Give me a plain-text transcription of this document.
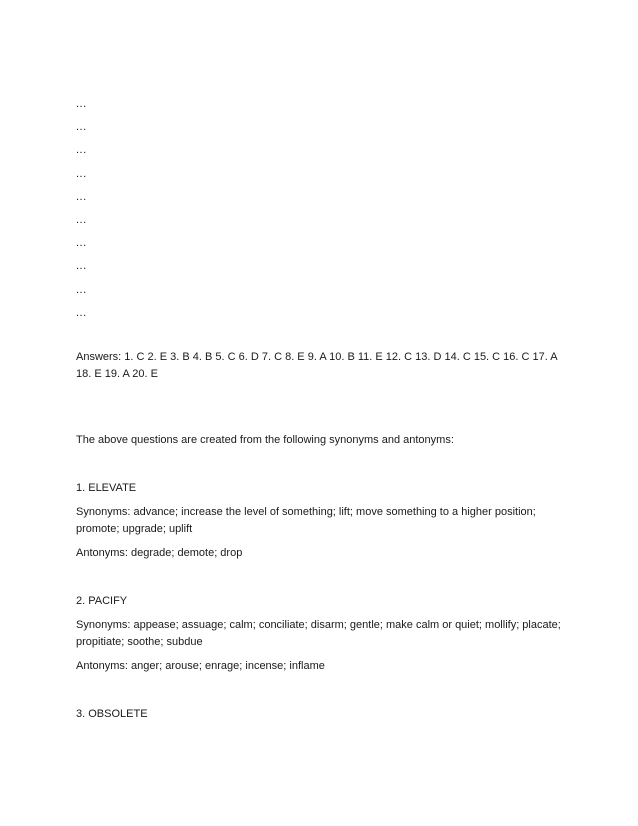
...
...
...
...
...
...
...
...
...
...
Answers: 1. C 2. E 3. B 4. B 5. C 6. D 7. C 8. E 9. A 10. B 11. E 12. C 13. D 14. C 15. C 16. C 17. A 18. E 19. A 20. E
The above questions are created from the following synonyms and antonyms:
1. ELEVATE
Synonyms: advance; increase the level of something; lift; move something to a higher position; promote; upgrade; uplift
Antonyms: degrade; demote; drop
2. PACIFY
Synonyms: appease; assuage; calm; conciliate; disarm; gentle; make calm or quiet; mollify; placate; propitiate; soothe; subdue
Antonyms: anger; arouse; enrage; incense; inflame
3. OBSOLETE
